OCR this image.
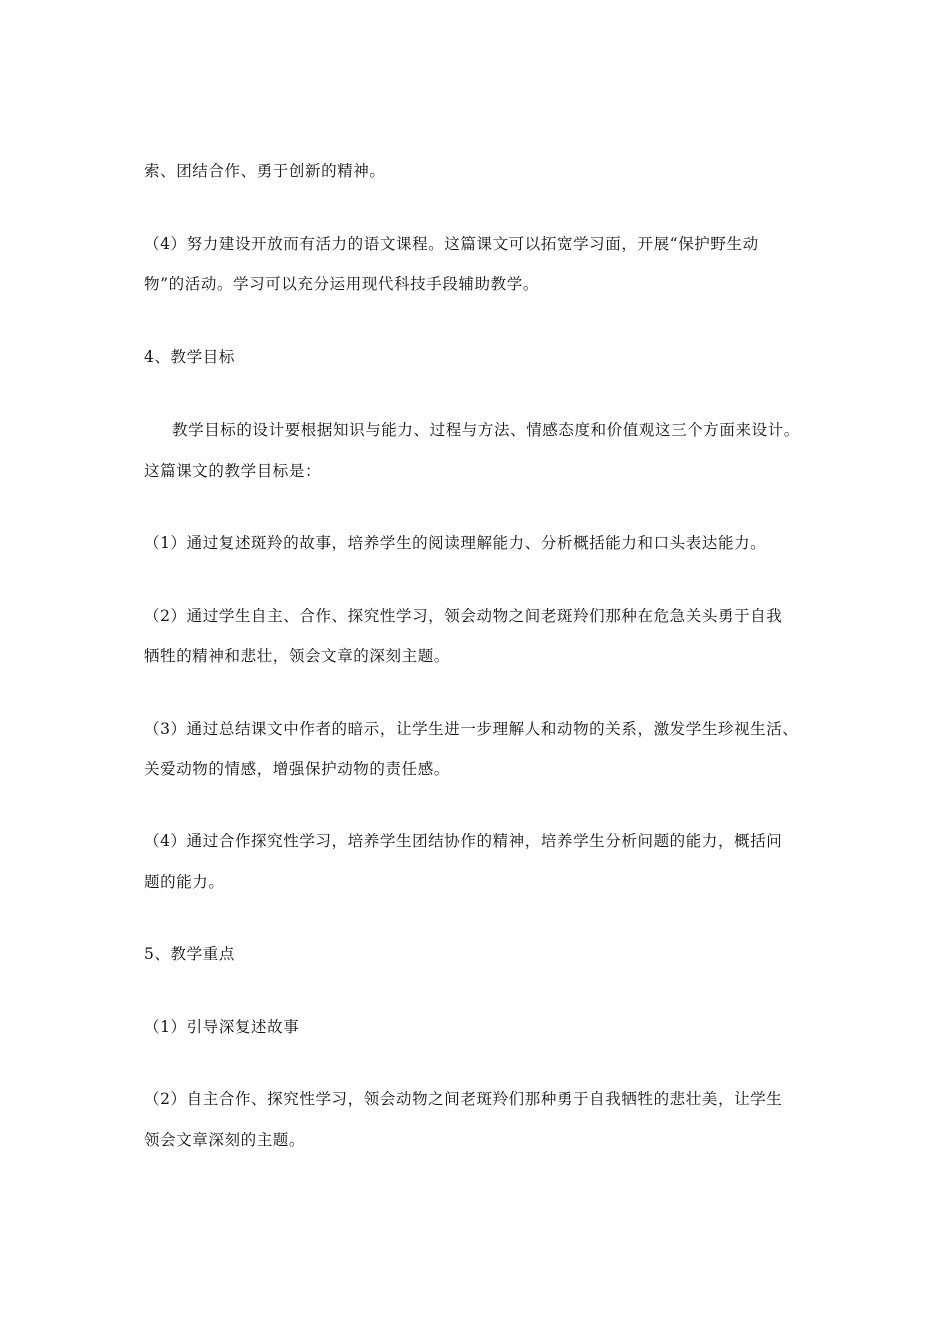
索、团结合作、勇于创新的精神。
（4）努力建设开放而有活力的语文课程。这篇课文可以拓宽学习面，开展“保护野生动
物”的活动。学习可以充分运用现代科技手段辅助教学。
4、教学目标
教学目标的设计要根据知识与能力、过程与方法、情感态度和价值观这三个方面来设计。
这篇课文的教学目标是：
（1）通过复述斑羚的故事，培养学生的阅读理解能力、分析概括能力和口头表达能力。
（2）通过学生自主、合作、探究性学习，领会动物之间老斑羚们那种在危急关头勇于自我
牺牲的精神和悲壮，领会文章的深刻主题。
（3）通过总结课文中作者的暗示，让学生进一步理解人和动物的关系，激发学生珍视生活、
关爱动物的情感，增强保护动物的责任感。
（4）通过合作探究性学习，培养学生团结协作的精神，培养学生分析问题的能力，概括问
题的能力。
5、教学重点
（1）引导深复述故事
（2）自主合作、探究性学习，领会动物之间老斑羚们那种勇于自我牺牲的悲壮美，让学生
领会文章深刻的主题。
